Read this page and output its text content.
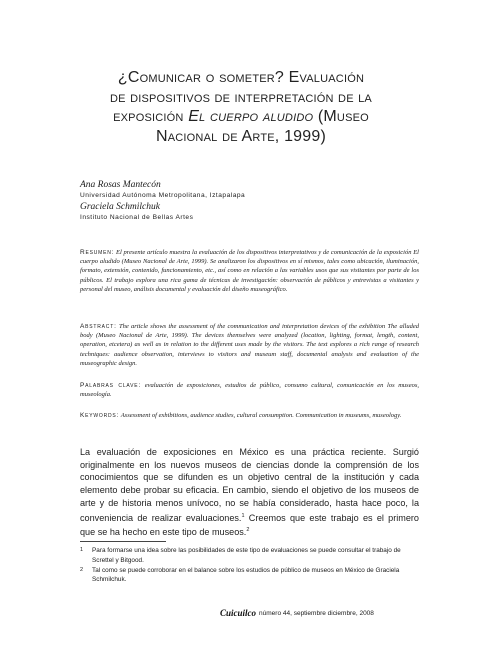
¿Comunicar o someter? Evaluación
de dispositivos de interpretación de la
exposición El cuerpo aludido (Museo
Nacional de Arte, 1999)
Ana Rosas Mantecón
Universidad Autónoma Metropolitana, Iztapalapa
Graciela Schmilchuk
Instituto Nacional de Bellas Artes
Resumen: El presente artículo muestra la evaluación de los dispositivos interpretativos y de comunicación de la exposición El cuerpo aludido (Museo Nacional de Arte, 1999). Se analizaron los dispositivos en sí mismos, tales como ubicación, iluminación, formato, extensión, contenido, funcionamiento, etc., así como en relación a las variables usos que sus visitantes por parte de los públicos. El trabajo explora una rica gama de técnicas de investigación: observación de públicos y entrevistas a visitantes y personal del museo, análisis documental y evaluación del diseño museográfico.
Abstract: The article shows the assessment of the communication and interpretation devices of the exhibition The alluded body (Museo Nacional de Arte, 1999). The devices themselves were analyzed (location, lighting, format, length, content, operation, etcetera) as well as in relation to the different uses made by the visitors. The text explores a rich range of research techniques: audience observation, interviews to visitors and museum staff, documental analysis and evaluation of the museographic design.
Palabras clave: evaluación de exposiciones, estudios de público, consumo cultural, comunicación en los museos, museología.
Keywords: Assessment of exhibitions, audience studies, cultural consumption. Communication in museums, museology.
La evaluación de exposiciones en México es una práctica reciente. Surgió originalmente en los nuevos museos de ciencias donde la comprensión de los conocimientos que se difunden es un objetivo central de la institución y cada elemento debe probar su eficacia. En cambio, siendo el objetivo de los museos de arte y de historia menos unívoco, no se había considerado, hasta hace poco, la conveniencia de realizar evaluaciones.$^1$ Creemos que este trabajo es el primero que se ha hecho en este tipo de museos.$^2$
1	Para formarse una idea sobre las posibilidades de este tipo de evaluaciones se puede consultar el trabajo de Screttel y Bitgood.
2	Tal como se puede corroborar en el balance sobre los estudios de público de museos en México de Graciela Schmilchuk.
Cuicuilco número 44, septiembre diciembre, 2008
